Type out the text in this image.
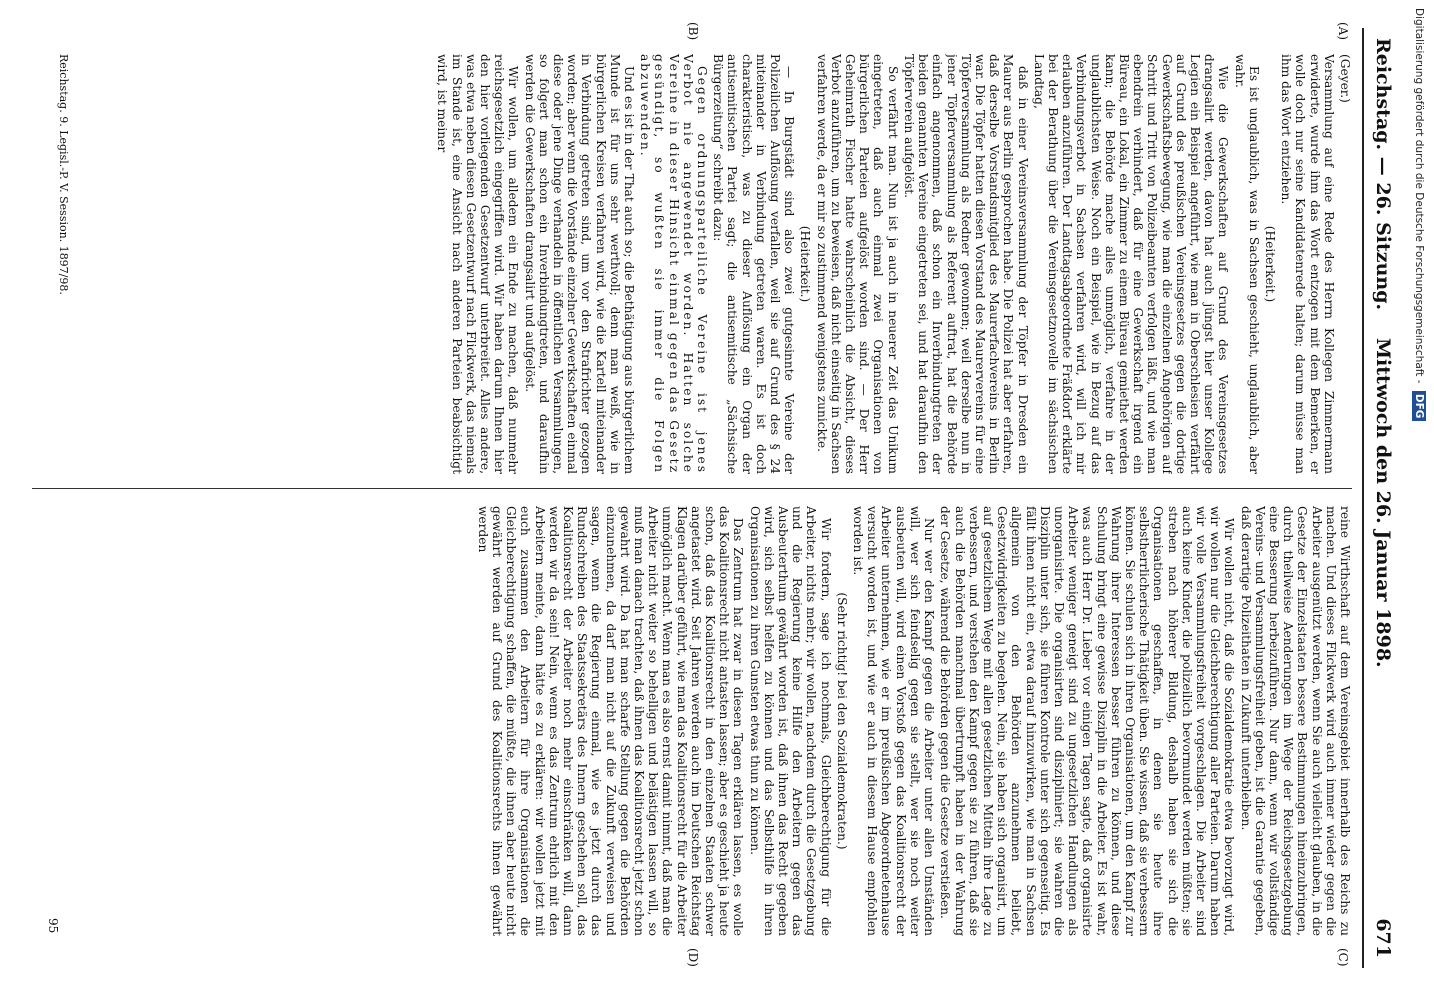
Reichstag. — 26. Sitzung.
Mittwoch den 26. Januar 1898.
671
(A)
(B)
(C)
(D)

(Geyer.)

Versammlung auf eine Rede des Herrn Kollegen Zimmermann erwiderte, wurde ihm das Wort entzogen mit dem Bemerken, er wolle doch nur seine Kandidatenrede halten; darum müsse man ihm das Wort entziehen.

(Heiterkeit.)

Es ist unglaublich, was in Sachsen geschieht, unglaublich, aber wahr.

Wie die Gewerkschaften auf Grund des Vereinsgesetzes drangsalirt werden, davon hat auch jüngst hier unser Kollege Legien ein Beispiel angeführt, wie man in Oberschlesien verfährt auf Grund des preußischen Vereinsgesetzes gegen die dortige Gewerkschaftsbewegung, wie man die einzelnen Angehörigen auf Schritt und Tritt von Polizeibeamten verfolgen läßt, und wie man ebendrein verhindert, daß für eine Gewerkschaft irgend ein Büreau, ein Lokal, ein Zimmer zu einem Büreau gemiethet werden kann; die Behörde mache alles unmöglich, verfahre in der unglaublichsten Weise. Noch ein Beispiel, wie in Bezug auf das Verbindungsverbot in Sachsen verfahren wird, will ich mir erlauben anzuführen. Der Landtagsabgeordnete Fräßdorf erklärte bei der Berathung über die Vereinsgesetznovelle im sächsischen Landtag,

daß in einer Vereinsversammlung der Töpfer in Dresden ein Maurer aus Berlin gesprochen habe. Die Polizei hat aber erfahren, daß derselbe Vorstandsmitglied des Maurerfachvereins in Berlin war. Die Töpfer hatten diesen Vorstand des Maurervereins für eine Töpferversammlung als Redner gewonnen; weil derselbe nun in jener Töpferversammlung als Referent auftrat, hat die Behörde einfach angenommen, daß schon ein Inverbindungtreten der beiden genannten Vereine eingetreten sei, und hat daraufhin den Töpferverein aufgelöst.

So verfährt man. Nun ist ja auch in neuerer Zeit das Unikum eingetreten, daß auch einmal zwei Organisationen von bürgerlichen Parteien aufgelöst worden sind. — Der Herr Geheimrath Fischer hatte wahrscheinlich die Absicht, dieses Verbot anzuführen, um zu beweisen, daß nicht einseitig in Sachsen verfahren werde, da er mir so zustimmend wenigstens zunickte.

(Heiterkeit.)

— In Burgstädt sind also zwei gutgesinnte Vereine der Polizeilichen Auflösung verfallen, weil sie auf Grund des § 24 miteinander in Verbindung getreten waren. Es ist doch charakteristisch, was zu dieser Auflösung ein Organ der antisemitischen Partei sagt; die antisemitische „Sächsische Bürgerzeitung“ schreibt dazu:

Gegen ordnungsparteiliche Vereine ist jenes Verbot nie angewendet worden. Hatten solche Vereine in dieser Hinsicht einmal gegen das Gesetz gesündigt, so wußten sie immer die Folgen abzuwenden.

Und es ist in der That auch so; die Bethätigung aus bürgerlichem Munde ist für uns sehr werthvoll; denn man weiß, wie in bürgerlichen Kreisen verfahren wird, wie die Kartell miteinander in Verbindung getreten sind, um vor den Strafrichter gezogen worden; aber wenn die Vorstände einzelner Gewerkschaften einmal diese oder jene Dinge verhandeln in öffentlichen Versammlungen, so folgert man schon ein Inverbindungtreten, und daraufhin werden die Gewerkschaften drangsalirt und aufgelöst.

Wir wollen, um alledem ein Ende zu machen, daß nunmehr reichsgesetzlich eingegriffen wird. Wir haben darum Ihnen hier den hier vorliegenden Gesetzentwurf unterbreitet. Alles andere, was etwa neben diesen Gesetzentwurf nach Flickwerk, das niemals im Stande ist, eine Ansicht nach anderen Parteien beabsichtigt wird, ist meiner

reine Wirthschaft auf dem Vereinsgebiet innerhalb des Reichs zu machen. Und dieses Flickwerk wird auch immer wieder gegen die Arbeiter ausgenützt werden, wenn Sie auch vielleicht glauben, in die Gesetze der Einzelstaaten bessere Bestimmungen hineinzubringen, durch theilweise Aenderungen im Wege der Reichsgesetzgebung eine Besserung herbeizuführen. Nur dann, wenn wir vollständige Vereins- und Versammlungsfreiheit geben, ist die Garantie gegeben, daß derartige Polizeithaten in Zukunft unterbleiben.

Wir wollen nicht, daß die Sozialdemokratie etwa bevorzugt wird, wir wollen nur die Gleichberechtigung aller Parteien. Darum haben wir volle Versammlungsfreiheit vorgeschlagen. Die Arbeiter sind auch keine Kinder, die polizeilich bevormundet werden müßten; sie streben nach höherer Bildung, deshalb haben sie sich die Organisationen geschaffen, in denen sie heute ihre selbstherrlicherische Thätigkeit üben. Sie wissen, daß sie verbessern können. Sie schulen sich in ihren Organisationen, um den Kampf zur Wahrung ihrer Interessen besser führen zu können, und diese Schulung bringt eine gewisse Disziplin in die Arbeiter. Es ist wahr, was auch Herr Dr. Lieber vor einigen Tagen sagte, daß organisirte Arbeiter weniger geneigt sind zu ungesetzlichen Handlungen als unorganisirte. Die organisirten sind diszipliniert; sie wahren die Disziplin unter sich, sie führen Kontrole unter sich gegenseitig. Es fällt ihnen nicht ein, etwa darauf hinzuwirken, wie man in Sachsen allgemein von den Behörden anzunehmen beliebt, Gesetzwidrigkeiten zu begehen. Nein, sie haben sich organisirt, um auf gesetzlichem Wege mit allen gesetzlichen Mitteln ihre Lage zu verbessern, und verstehen den Kampf gegen sie zu führen, daß sie auch die Behörden manchmal übertrumpft haben in der Wahrung der Gesetze, während die Behörden gegen die Gesetze verstießen.

Nur wer den Kampf gegen die Arbeiter unter allen Umständen will, wer sich feindselig gegen sie stellt, wer sie noch weiter ausbeuten will, wird einen Vorstoß gegen das Koalitionsrecht der Arbeiter unternehmen, wie er im preußischen Abgeordnetenhause versucht worden ist, und wie er auch in diesem Hause empfohlen worden ist.

(Sehr richtig! bei den Sozialdemokraten.)

Wir fordern, sage ich nochmals, Gleichberechtigung für die Arbeiter, nichts mehr; wir wollen, nachdem durch die Gesetzgebung und die Regierung keine Hilfe den Arbeitern gegen das Ausbeuterthum gewährt worden ist, daß ihnen das Recht gegeben wird, sich selbst helfen zu können und das Selbsthilfe in ihren Organisationen zu ihren Gunsten etwas thun zu können.

Das Zentrum hat zwar in diesen Tagen erklären lassen, es wolle das Koalitionsrecht nicht antasten lassen; aber es geschieht ja heute schon, daß das Koalitionsrecht in den einzelnen Staaten schwer angetastet wird. Seit Jahren werden auch im Deutschen Reichstag Klagen darüber geführt, wie man das Koalitionsrecht für die Arbeiter unmöglich macht. Wenn man es also ernst damit nimmt, daß man die Arbeiter nicht weiter so behelligen und belästigen lassen will, so muß man danach trachten, daß ihnen das Koalitionsrecht jetzt schon gewahrt wird. Da hat man scharfe Stellung gegen die Behörden einzunehmen, da darf man nicht auf die Zukunft verweisen und sagen, wenn die Regierung einmal, wie es jetzt durch das Rundschreiben des Staatssekretärs des Innern geschehen soll, das Koalitionsrecht der Arbeiter noch mehr einschränken will, dann werden wir da sein! Nein, wenn es das Zentrum ehrlich mit den Arbeitern meinte, dann hätte es zu erklären: wir wollen jetzt mit euch zusammen den Arbeitern für ihre Organisationen die Gleichberechtigung schaffen, die müßte, die ihnen aber heute nicht gewährt werden auf Grund des Koalitionsrechts ihnen gewährt werden

Reichstag. 9. Legisl.-P. V. Session. 1897/98.
95
Digitalisierung gefördert durch die Deutsche Forschungsgemeinschaft - DFG
